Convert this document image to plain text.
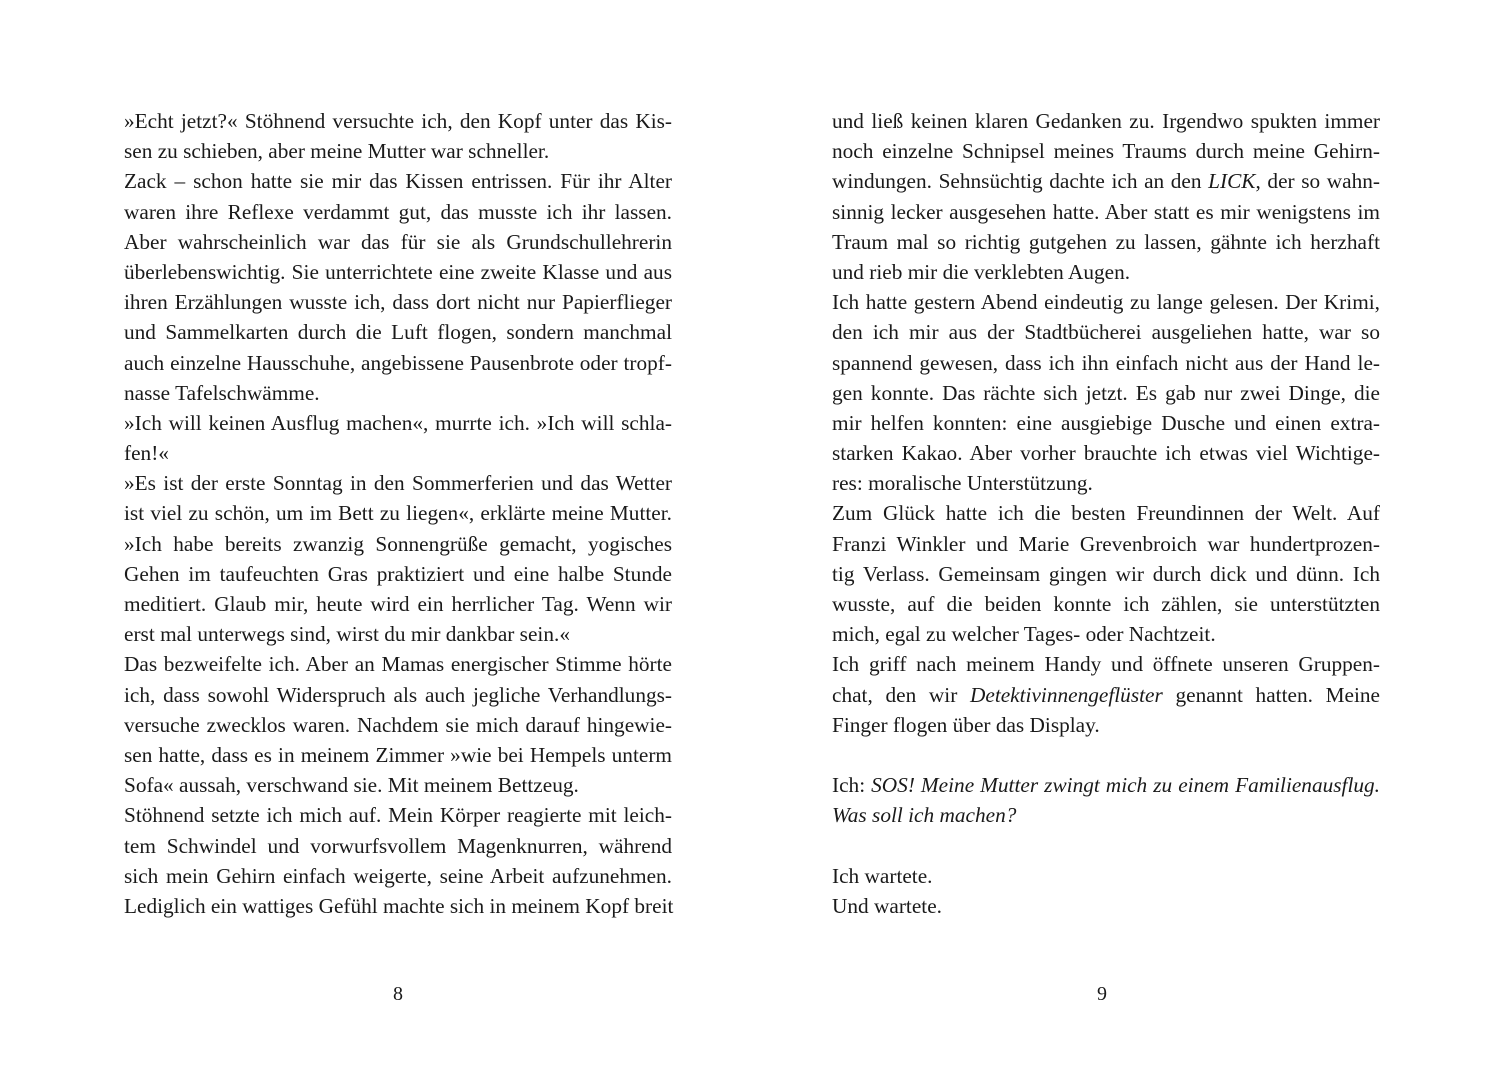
»Echt jetzt?« Stöhnend versuchte ich, den Kopf unter das Kis-
sen zu schieben, aber meine Mutter war schneller.
Zack – schon hatte sie mir das Kissen entrissen. Für ihr Alter
waren ihre Reflexe verdammt gut, das musste ich ihr lassen.
Aber wahrscheinlich war das für sie als Grundschullehrerin
überlebenswichtig. Sie unterrichtete eine zweite Klasse und aus
ihren Erzählungen wusste ich, dass dort nicht nur Papierflieger
und Sammelkarten durch die Luft flogen, sondern manchmal
auch einzelne Hausschuhe, angebissene Pausenbrote oder tropf-
nasse Tafelschwämme.
»Ich will keinen Ausflug machen«, murrte ich. »Ich will schla-
fen!«
»Es ist der erste Sonntag in den Sommerferien und das Wetter
ist viel zu schön, um im Bett zu liegen«, erklärte meine Mutter.
»Ich habe bereits zwanzig Sonnengrüße gemacht, yogisches
Gehen im taufeuchten Gras praktiziert und eine halbe Stunde
meditiert. Glaub mir, heute wird ein herrlicher Tag. Wenn wir
erst mal unterwegs sind, wirst du mir dankbar sein.«
Das bezweifelte ich. Aber an Mamas energischer Stimme hörte
ich, dass sowohl Widerspruch als auch jegliche Verhandlungs-
versuche zwecklos waren. Nachdem sie mich darauf hingewie-
sen hatte, dass es in meinem Zimmer »wie bei Hempels unterm
Sofa« aussah, verschwand sie. Mit meinem Bettzeug.
Stöhnend setzte ich mich auf. Mein Körper reagierte mit leich-
tem Schwindel und vorwurfsvollem Magenknurren, während
sich mein Gehirn einfach weigerte, seine Arbeit aufzunehmen.
Lediglich ein wattiges Gefühl machte sich in meinem Kopf breit
und ließ keinen klaren Gedanken zu. Irgendwo spukten immer
noch einzelne Schnipsel meines Traums durch meine Gehirn-
windungen. Sehnsüchtig dachte ich an den LICK, der so wahn-
sinnig lecker ausgesehen hatte. Aber statt es mir wenigstens im
Traum mal so richtig gutgehen zu lassen, gähnte ich herzhaft
und rieb mir die verklebten Augen.
Ich hatte gestern Abend eindeutig zu lange gelesen. Der Krimi,
den ich mir aus der Stadtbücherei ausgeliehen hatte, war so
spannend gewesen, dass ich ihn einfach nicht aus der Hand le-
gen konnte. Das rächte sich jetzt. Es gab nur zwei Dinge, die
mir helfen konnten: eine ausgiebige Dusche und einen extra-
starken Kakao. Aber vorher brauchte ich etwas viel Wichtige-
res: moralische Unterstützung.
Zum Glück hatte ich die besten Freundinnen der Welt. Auf
Franzi Winkler und Marie Grevenbroich war hundertprozen-
tig Verlass. Gemeinsam gingen wir durch dick und dünn. Ich
wusste, auf die beiden konnte ich zählen, sie unterstützten
mich, egal zu welcher Tages- oder Nachtzeit.
Ich griff nach meinem Handy und öffnete unseren Gruppen-
chat, den wir Detektivinnengeflüster genannt hatten. Meine
Finger flogen über das Display.

Ich: SOS! Meine Mutter zwingt mich zu einem Familienausflug.
Was soll ich machen?

Ich wartete.
Und wartete.
8	9
